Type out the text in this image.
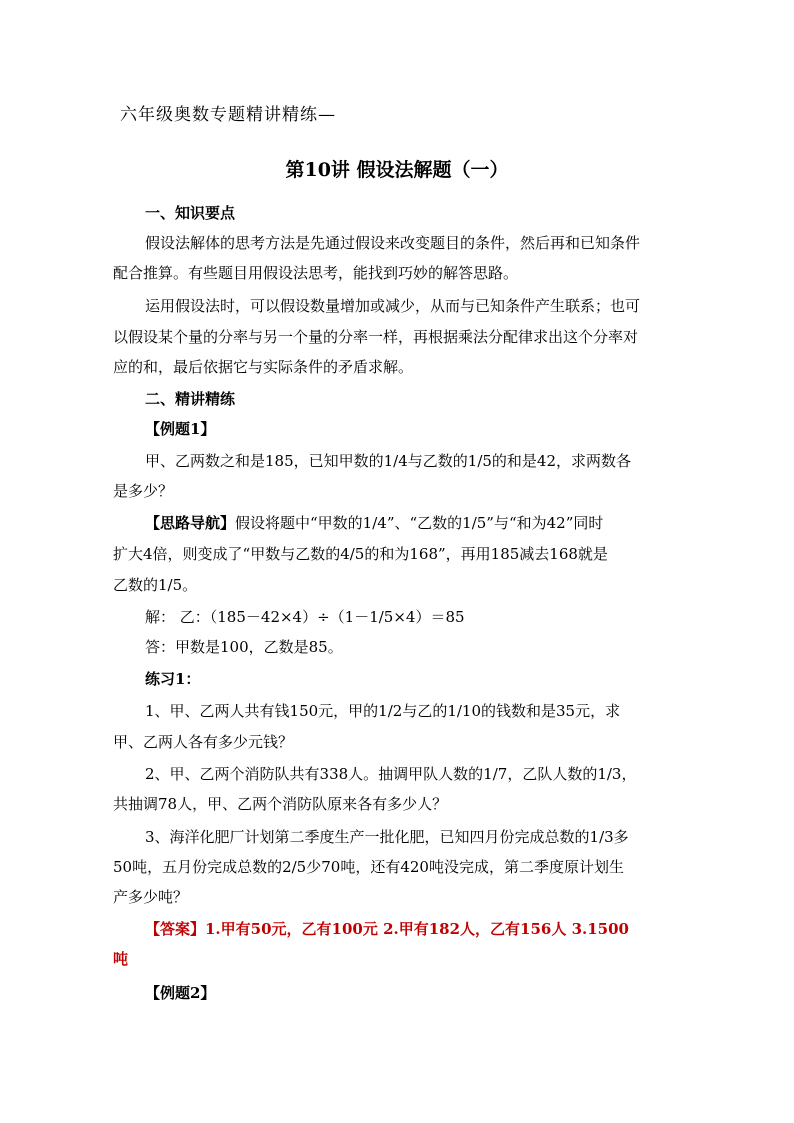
六年级奥数专题精讲精练—
第10讲 假设法解题（一）
一、知识要点
假设法解体的思考方法是先通过假设来改变题目的条件，然后再和已知条件
配合推算。有些题目用假设法思考，能找到巧妙的解答思路。
运用假设法时，可以假设数量增加或减少，从而与已知条件产生联系；也可
以假设某个量的分率与另一个量的分率一样，再根据乘法分配律求出这个分率对
应的和，最后依据它与实际条件的矛盾求解。
二、精讲精练
【例题1】
甲、乙两数之和是185，已知甲数的1/4与乙数的1/5的和是42，求两数各
是多少？
【思路导航】假设将题中“甲数的1/4”、“乙数的1/5”与“和为42”同时
扩大4倍，则变成了“甲数与乙数的4/5的和为168”，再用185减去168就是
乙数的1/5。
解： 乙：（185－42×4）÷（1－1/5×4）＝85
答：甲数是100，乙数是85。
练习1：
1、甲、乙两人共有钱150元，甲的1/2与乙的1/10的钱数和是35元，求
甲、乙两人各有多少元钱？
2、甲、乙两个消防队共有338人。抽调甲队人数的1/7，乙队人数的1/3，
共抽调78人，甲、乙两个消防队原来各有多少人？
3、海洋化肥厂计划第二季度生产一批化肥，已知四月份完成总数的1/3多
50吨，五月份完成总数的2/5少70吨，还有420吨没完成，第二季度原计划生
产多少吨？
【答案】1.甲有50元，乙有100元 2.甲有182人，乙有156人 3.1500
吨
【例题2】
